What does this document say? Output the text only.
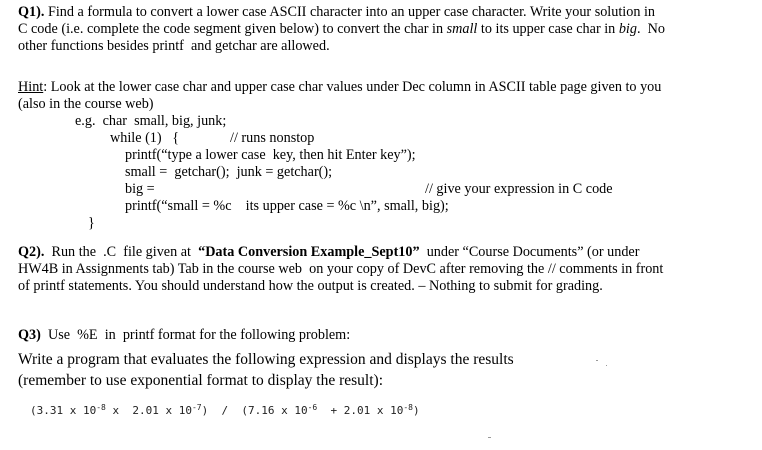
Q1). Find a formula to convert a lower case ASCII character into an upper case character. Write your solution in
C code (i.e. complete the code segment given below) to convert the char in small to its upper case char in big.  No
other functions besides printf  and getchar are allowed.
Hint: Look at the lower case char and upper case char values under Dec column in ASCII table page given to you
(also in the course web)
e.g.  char  small, big, junk;
while (1)   {	// runs nonstop
printf(“type a lower case  key, then hit Enter key”);
small =  getchar();  junk = getchar();
big =	// give your expression in C code
printf(“small = %c    its upper case = %c \n”, small, big);
}
Q2).  Run the  .C  file given at  “Data Conversion Example_Sept10”  under “Course Documents” (or under
HW4B in Assignments tab) Tab in the course web  on your copy of DevC after removing the // comments in front
of printf statements. You should understand how the output is created. – Nothing to submit for grading.
Q3)  Use  %E  in  printf format for the following problem:
Write a program that evaluates the following expression and displays the results
(remember to use exponential format to display the result):
(3.31 x $10^{-8}$ x  2.01 x $10^{-7}) / (7.16$ x $10^{-6} + 2.01$ x $10^{-8}$)
